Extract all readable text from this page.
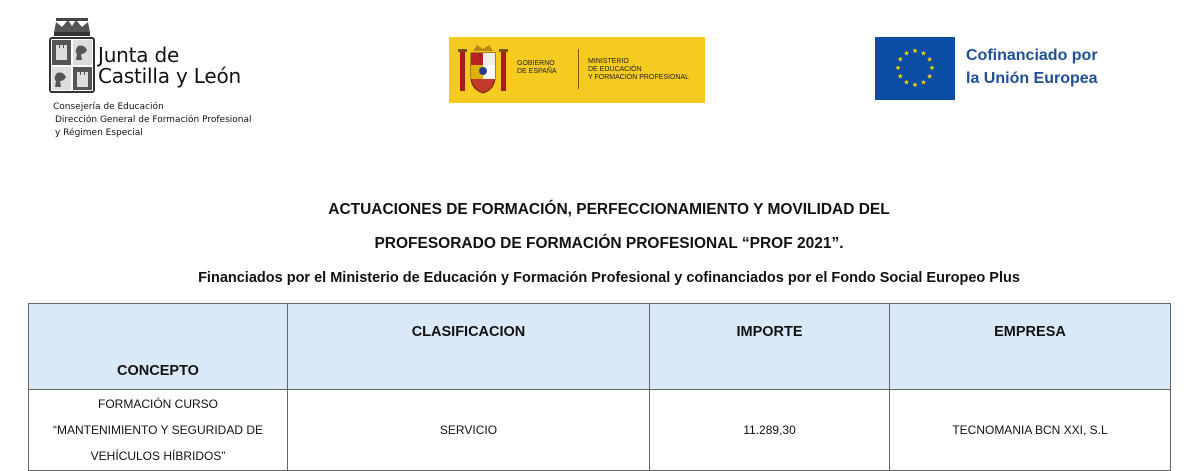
Junta de
Castilla y León
Consejería de Educación
Dirección General de Formación Profesional
y Régimen Especial
GOBIERNO
DE ESPAÑA
MINISTERIO
DE EDUCACIÓN
Y FORMACIÓN PROFESIONAL
★ ★
★
★
★
★
★
★
★
★
★
★	Cofinanciado por
la Unión Europea
ACTUACIONES DE FORMACIÓN, PERFECCIONAMIENTO Y MOVILIDAD DEL
PROFESORADO DE FORMACIÓN PROFESIONAL “PROF 2021”.
Financiados por el Ministerio de Educación y Formación Profesional y cofinanciados por el Fondo Social Europeo Plus
CONCEPTO	CLASIFICACION	IMPORTE	EMPRESA

FORMACIÓN CURSO
“MANTENIMIENTO Y SEGURIDAD DE
VEHÍCULOS HÍBRIDOS”	SERVICIO	11.289,30	TECNOMANIA BCN XXI, S.L
